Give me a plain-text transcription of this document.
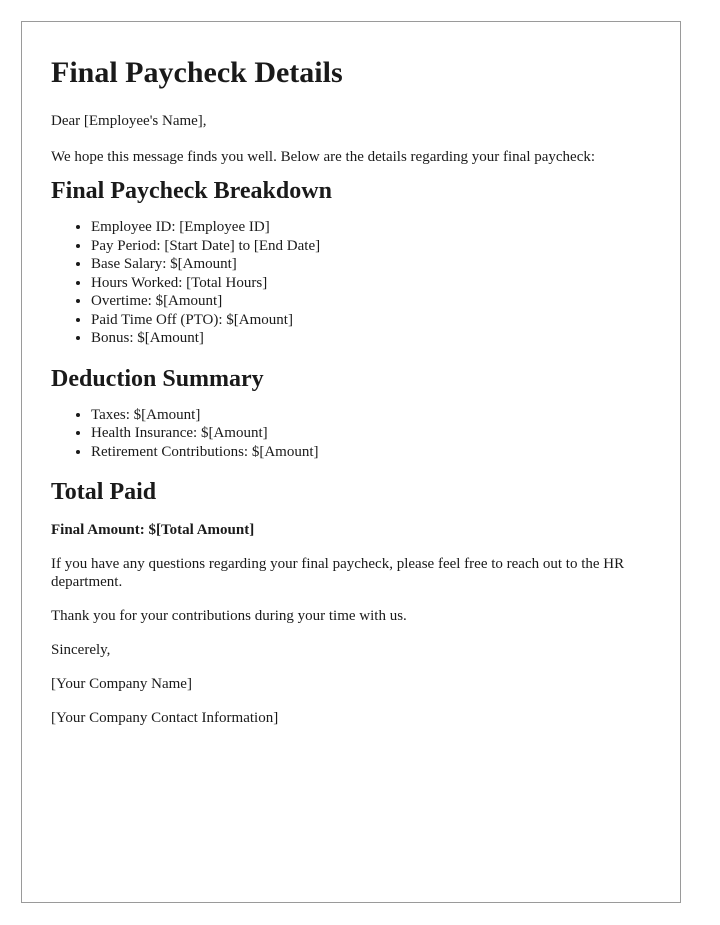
Final Paycheck Details

Dear [Employee's Name],

We hope this message finds you well. Below are the details regarding your final paycheck:

Final Paycheck Breakdown
• Employee ID: [Employee ID]
• Pay Period: [Start Date] to [End Date]
• Base Salary: $[Amount]
• Hours Worked: [Total Hours]
• Overtime: $[Amount]
• Paid Time Off (PTO): $[Amount]
• Bonus: $[Amount]
Deduction Summary
• Taxes: $[Amount]
• Health Insurance: $[Amount]
• Retirement Contributions: $[Amount]
Total Paid

Final Amount: $[Total Amount]

If you have any questions regarding your final paycheck, please feel free to reach out to the HR department.

Thank you for your contributions during your time with us.

Sincerely,

[Your Company Name]

[Your Company Contact Information]
